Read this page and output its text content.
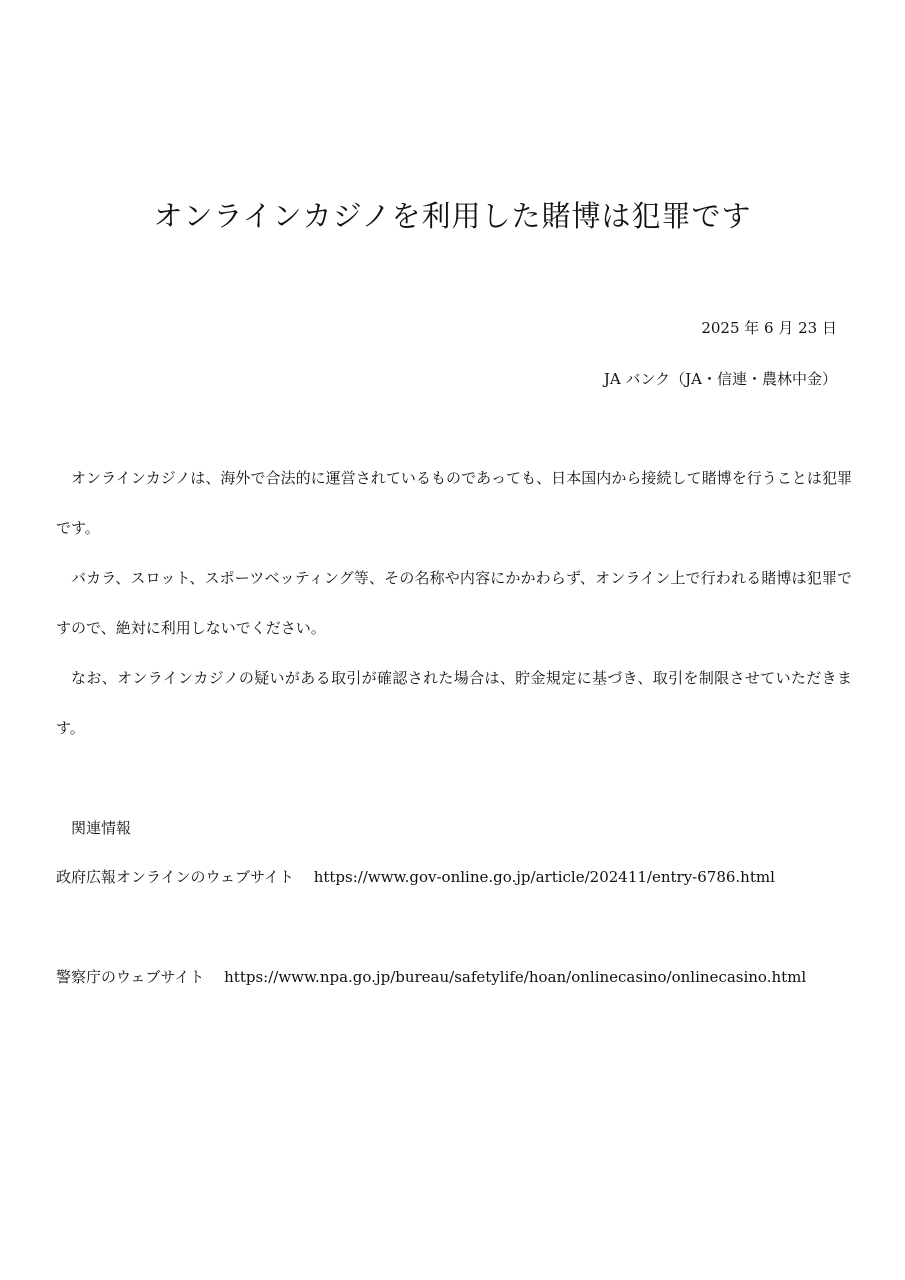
オンラインカジノを利用した賭博は犯罪です
2025 年 6 月 23 日
JA バンク（JA・信連・農林中金）

オンラインカジノは、海外で合法的に運営されているものであっても、日本国内から接続して賭博を行うことは犯罪です。

バカラ、スロット、スポーツベッティング等、その名称や内容にかかわらず、オンライン上で行われる賭博は犯罪ですので、絶対に利用しないでください。

なお、オンラインカジノの疑いがある取引が確認された場合は、貯金規定に基づき、取引を制限させていただきます。

関連情報
政府広報オンラインのウェブサイト https://www.gov-online.go.jp/article/202411/entry-6786.html
警察庁のウェブサイト https://www.npa.go.jp/bureau/safetylife/hoan/onlinecasino/onlinecasino.html
